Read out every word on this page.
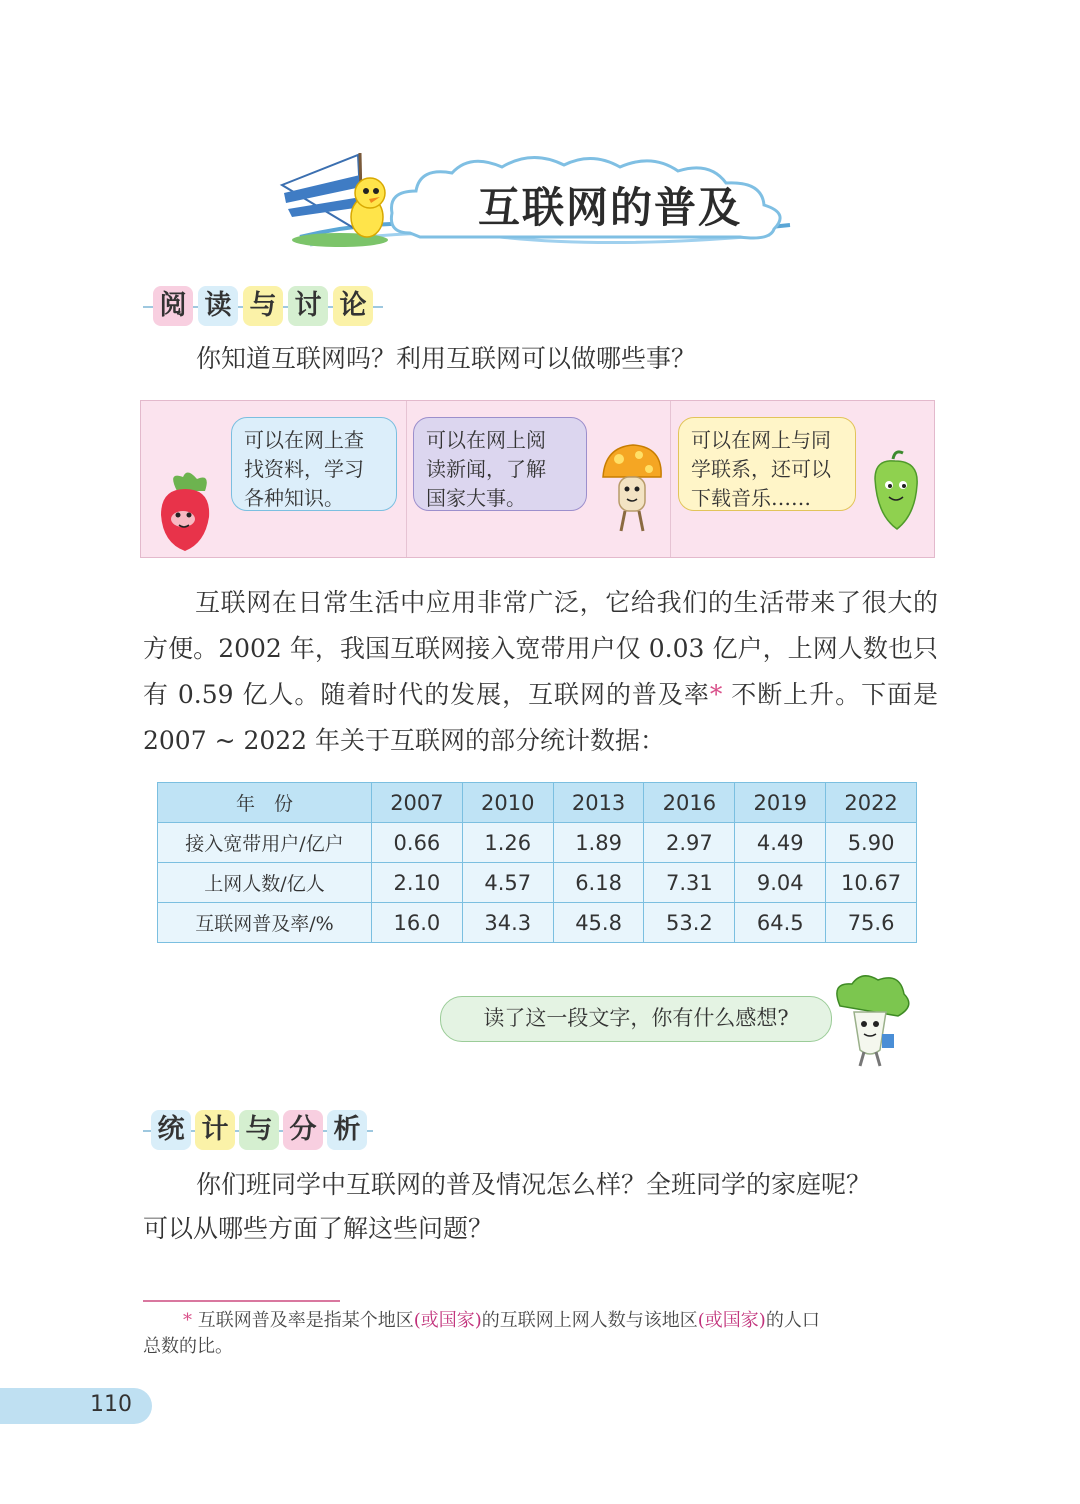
互联网的普及
阅 读 与 讨 论

你知道互联网吗？利用互联网可以做哪些事？

可以在网上查
找资料，学习
各种知识。
可以在网上阅
读新闻，了解
国家大事。
可以在网上与同
学联系，还可以
下载音乐……

互联网在日常生活中应用非常广泛，它给我们的生活带来了很大的方便。2002 年，我国互联网接入宽带用户仅 0.03 亿户，上网人数也只有 0.59 亿人。随着时代的发展，互联网的普及率* 不断上升。下面是 2007 ~ 2022 年关于互联网的部分统计数据：

年　份	2007	2010	2013	2016	2019	2022
接入宽带用户/亿户	0.66	1.26	1.89	2.97	4.49	5.90
上网人数/亿人	2.10	4.57	6.18	7.31	9.04	10.67
互联网普及率/%	16.0	34.3	45.8	53.2	64.5	75.6
读了这一段文字，你有什么感想?
统 计 与 分 析

你们班同学中互联网的普及情况怎么样？全班同学的家庭呢？

可以从哪些方面了解这些问题？

* 互联网普及率是指某个地区(或国家)的互联网上网人数与该地区(或国家)的人口
总数的比。
110
